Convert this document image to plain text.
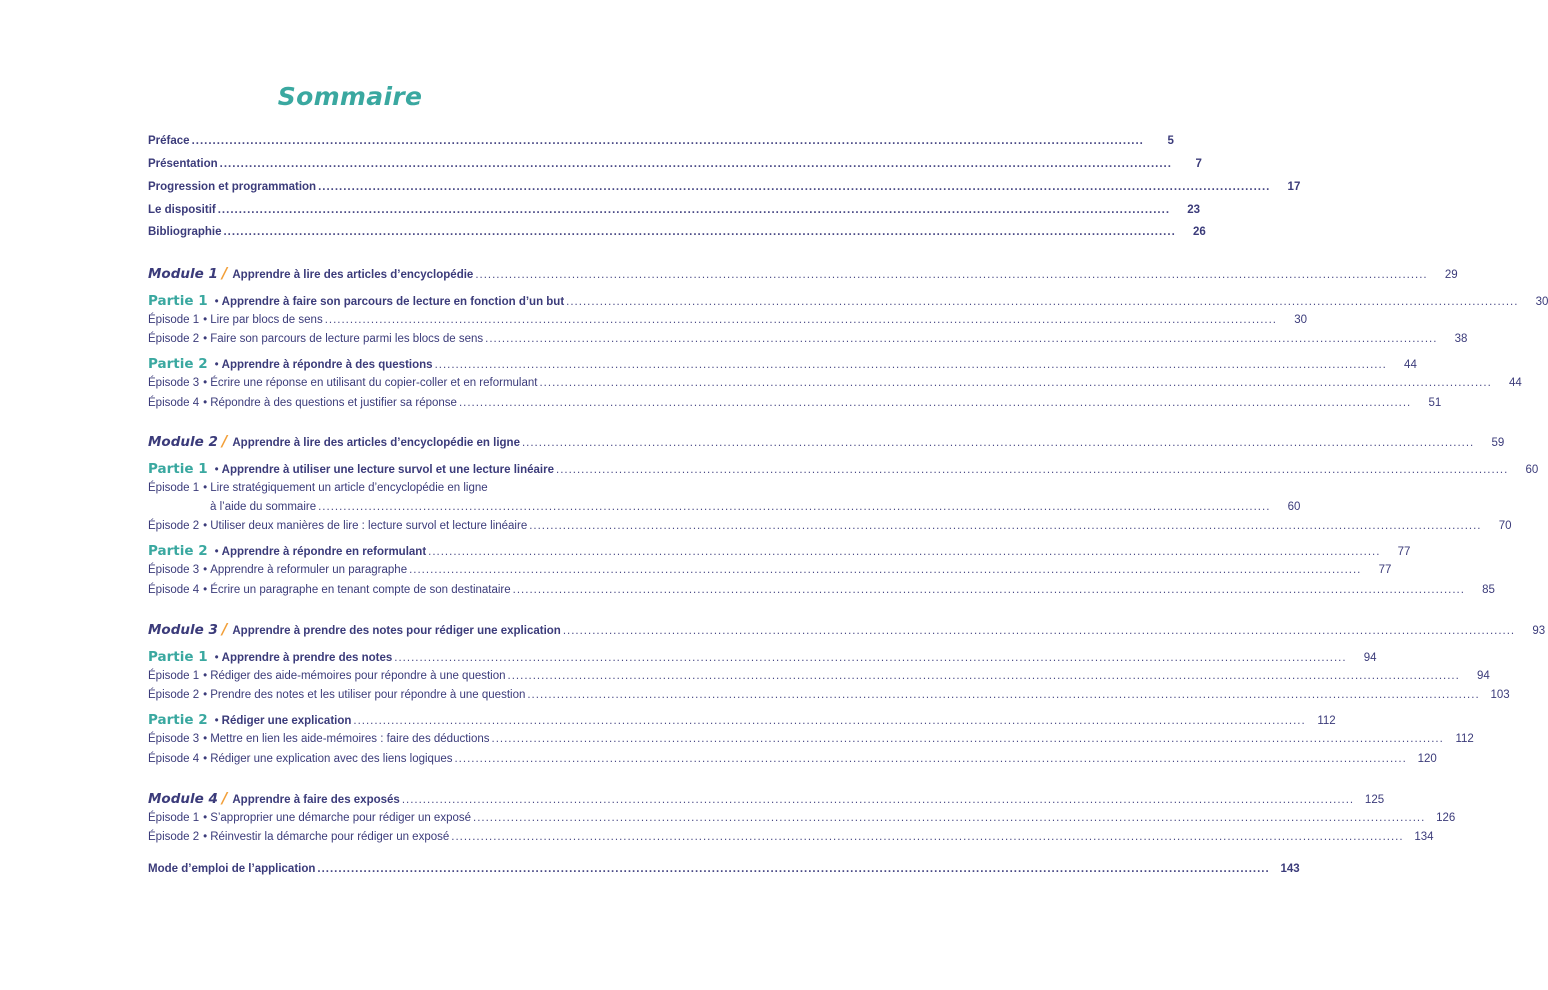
Sommaire
Préface .....	5
Présentation .....	7
Progression et programmation .....	17
Le dispositif .....	23
Bibliographie .....	26
Module 1 / Apprendre à lire des articles d’encyclopédie .....	29
Partie 1 • Apprendre à faire son parcours de lecture en fonction d’un but .....	30
Épisode 1 • Lire par blocs de sens .....	30
Épisode 2 • Faire son parcours de lecture parmi les blocs de sens .....	38
Partie 2 • Apprendre à répondre à des questions .....	44
Épisode 3 • Écrire une réponse en utilisant du copier-coller et en reformulant .....	44
Épisode 4 • Répondre à des questions et justifier sa réponse .....	51
Module 2 / Apprendre à lire des articles d’encyclopédie en ligne .....	59
Partie 1 • Apprendre à utiliser une lecture survol et une lecture linéaire .....	60
Épisode 1 • Lire stratégiquement un article d’encyclopédie en ligne
à l’aide du sommaire .....	60
Épisode 2 • Utiliser deux manières de lire : lecture survol et lecture linéaire .....	70
Partie 2 • Apprendre à répondre en reformulant .....	77
Épisode 3 • Apprendre à reformuler un paragraphe .....	77
Épisode 4 • Écrire un paragraphe en tenant compte de son destinataire .....	85
Module 3 / Apprendre à prendre des notes pour rédiger une explication .....	93
Partie 1 • Apprendre à prendre des notes .....	94
Épisode 1 • Rédiger des aide-mémoires pour répondre à une question .....	94
Épisode 2 • Prendre des notes et les utiliser pour répondre à une question .....	103
Partie 2 • Rédiger une explication .....	112
Épisode 3 • Mettre en lien les aide-mémoires : faire des déductions .....	112
Épisode 4 • Rédiger une explication avec des liens logiques .....	120
Module 4 / Apprendre à faire des exposés .....	125
Épisode 1 • S’approprier une démarche pour rédiger un exposé .....	126
Épisode 2 • Réinvestir la démarche pour rédiger un exposé .....	134
Mode d’emploi de l’application .....	143
